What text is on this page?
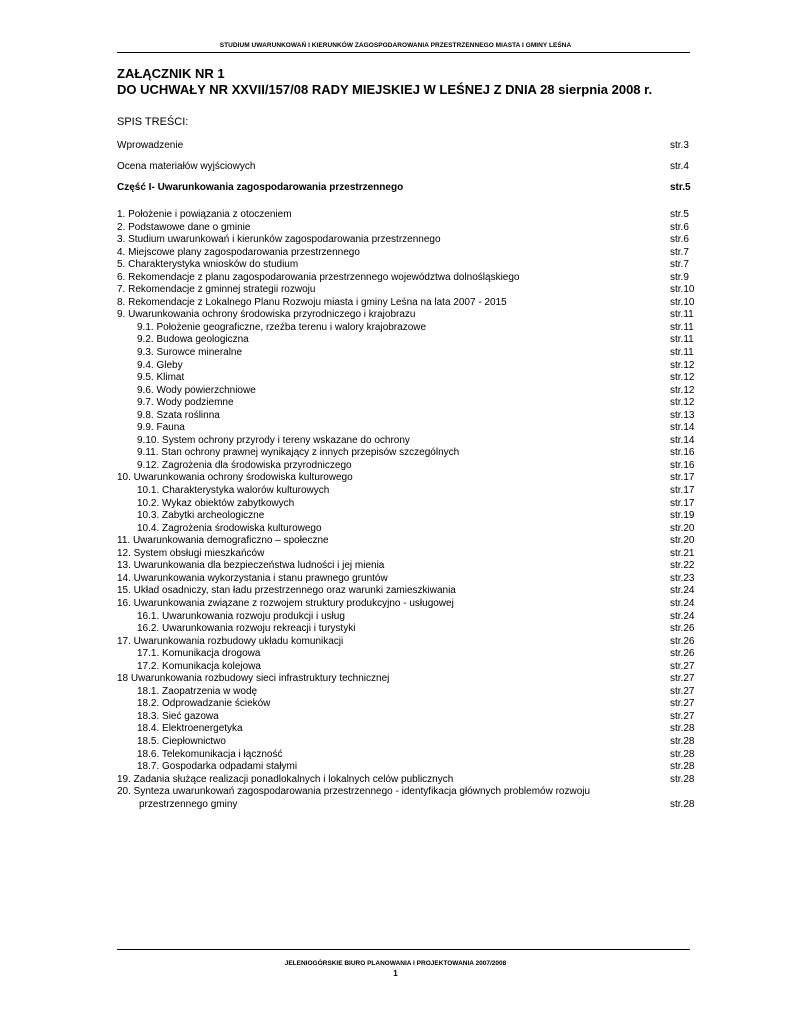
STUDIUM UWARUNKOWAŃ I KIERUNKÓW ZAGOSPODAROWANIA PRZESTRZENNEGO MIASTA I GMINY LEŚNA
ZAŁĄCZNIK NR 1
DO UCHWAŁY NR XXVII/157/08 RADY MIEJSKIEJ W LEŚNEJ Z DNIA 28 sierpnia 2008 r.
SPIS TREŚCI:
Wprowadzenie	str.3
Ocena materiałów wyjściowych	str.4
Część I- Uwarunkowania zagospodarowania przestrzennego	str.5
1. Położenie i powiązania z otoczeniem	str.5
2. Podstawowe dane o gminie	str.6
3. Studium uwarunkowań i kierunków zagospodarowania przestrzennego	str.6
4. Miejscowe plany zagospodarowania przestrzennego	str.7
5. Charakterystyka wniosków do studium	str.7
6. Rekomendacje z planu zagospodarowania przestrzennego województwa dolnośląskiego	str.9
7. Rekomendacje z gminnej strategii rozwoju	str.10
8. Rekomendacje z Lokalnego Planu Rozwoju miasta i gminy Leśna na lata 2007 - 2015	str.10
9. Uwarunkowania ochrony środowiska przyrodniczego i krajobrazu	str.11
9.1. Położenie geograficzne, rzeźba terenu i walory krajobrazowe	str.11
9.2. Budowa geologiczna	str.11
9.3. Surowce mineralne	str.11
9.4. Gleby	str.12
9.5. Klimat	str.12
9.6. Wody powierzchniowe	str.12
9.7. Wody podziemne	str.12
9.8. Szata roślinna	str.13
9.9. Fauna	str.14
9.10. System ochrony przyrody i tereny wskazane do ochrony	str.14
9.11. Stan ochrony prawnej wynikający z innych przepisów szczególnych	str.16
9.12. Zagrożenia dla środowiska przyrodniczego	str.16
10. Uwarunkowania ochrony środowiska kulturowego	str.17
10.1. Charakterystyka walorów kulturowych	str.17
10.2. Wykaz obiektów zabytkowych	str.17
10.3. Zabytki archeologiczne	str.19
10.4. Zagrożenia środowiska kulturowego	str.20
11. Uwarunkowania demograficzno – społeczne	str.20
12. System obsługi mieszkańców	str.21
13. Uwarunkowania dla bezpieczeństwa ludności i jej mienia	str.22
14. Uwarunkowania wykorzystania i stanu prawnego gruntów	str.23
15. Układ osadniczy, stan ładu przestrzennego oraz warunki zamieszkiwania	str.24
16. Uwarunkowania związane z rozwojem struktury produkcyjno - usługowej	str.24
16.1. Uwarunkowania rozwoju produkcji i usług	str.24
16.2. Uwarunkowania rozwoju rekreacji i turystyki	str.26
17. Uwarunkowania rozbudowy układu komunikacji	str.26
17.1. Komunikacja drogowa	str.26
17.2. Komunikacja kolejowa	str.27
18 Uwarunkowania rozbudowy sieci infrastruktury technicznej	str.27
18.1. Zaopatrzenia w wodę	str.27
18.2. Odprowadzanie ścieków	str.27
18.3. Sieć gazowa	str.27
18.4. Elektroenergetyka	str.28
18.5. Ciepłownictwo	str.28
18.6. Telekomunikacja i łączność	str.28
18.7. Gospodarka odpadami stałymi	str.28
19. Zadania służące realizacji ponadlokalnych i lokalnych celów publicznych	str.28
20. Synteza uwarunkowań zagospodarowania przestrzennego - identyfikacja głównych problemów rozwoju
przestrzennego gminy	str.28
JELENIOGÓRSKIE BIURO PLANOWANIA I PROJEKTOWANIA 2007/2008
1
